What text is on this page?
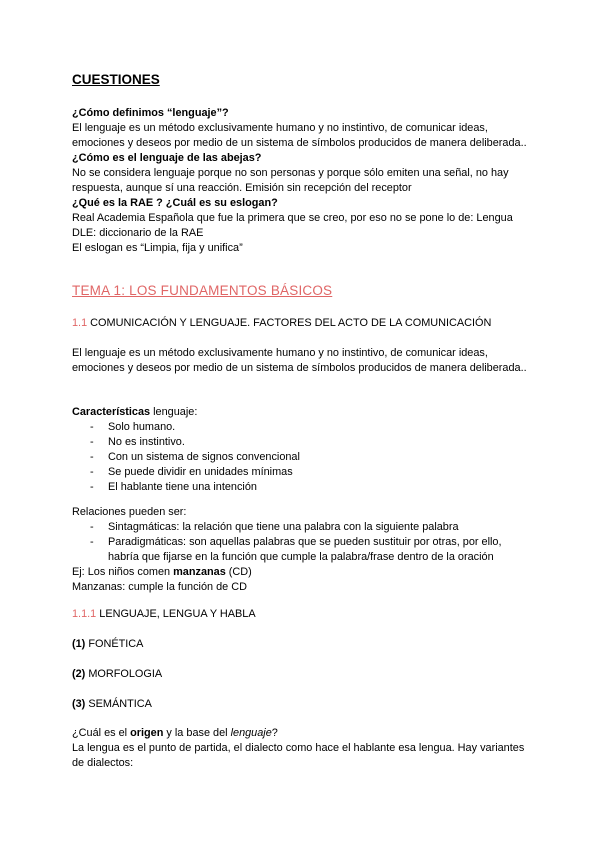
CUESTIONES
¿Cómo definimos “lenguaje”?
El lenguaje es un método exclusivamente humano y no instintivo, de comunicar ideas, emociones y deseos por medio de un sistema de símbolos producidos de manera deliberada..
¿Cómo es el lenguaje de las abejas?
No se considera lenguaje porque no son personas y porque sólo emiten una señal, no hay respuesta, aunque sí una reacción. Emisión sin recepción del receptor
¿Qué es la RAE ? ¿Cuál es su eslogan?
Real Academia Española que fue la primera que se creo, por eso no se pone lo de: Lengua
DLE: diccionario de la RAE
El eslogan es “Limpia, fija y unifica”
TEMA 1: LOS FUNDAMENTOS BÁSICOS
1.1 COMUNICACIÓN Y LENGUAJE. FACTORES DEL ACTO DE LA COMUNICACIÓN
El lenguaje es un método exclusivamente humano y no instintivo, de comunicar ideas, emociones y deseos por medio de un sistema de símbolos producidos de manera deliberada..
Características lenguaje:
- Solo humano.
- No es instintivo.
- Con un sistema de signos convencional
- Se puede dividir en unidades mínimas
- El hablante tiene una intención
Relaciones pueden ser:
- Sintagmáticas: la relación que tiene una palabra con la siguiente palabra
- Paradigmáticas: son aquellas palabras que se pueden sustituir por otras, por ello, habría que fijarse en la función que cumple la palabra/frase dentro de la oración
Ej: Los niños comen manzanas (CD)
Manzanas: cumple la función de CD
1.1.1 LENGUAJE, LENGUA Y HABLA
(1) FONÉTICA
(2) MORFOLOGIA
(3) SEMÁNTICA
¿Cuál es el origen y la base del lenguaje?
La lengua es el punto de partida, el dialecto como hace el hablante esa lengua. Hay variantes de dialectos:
